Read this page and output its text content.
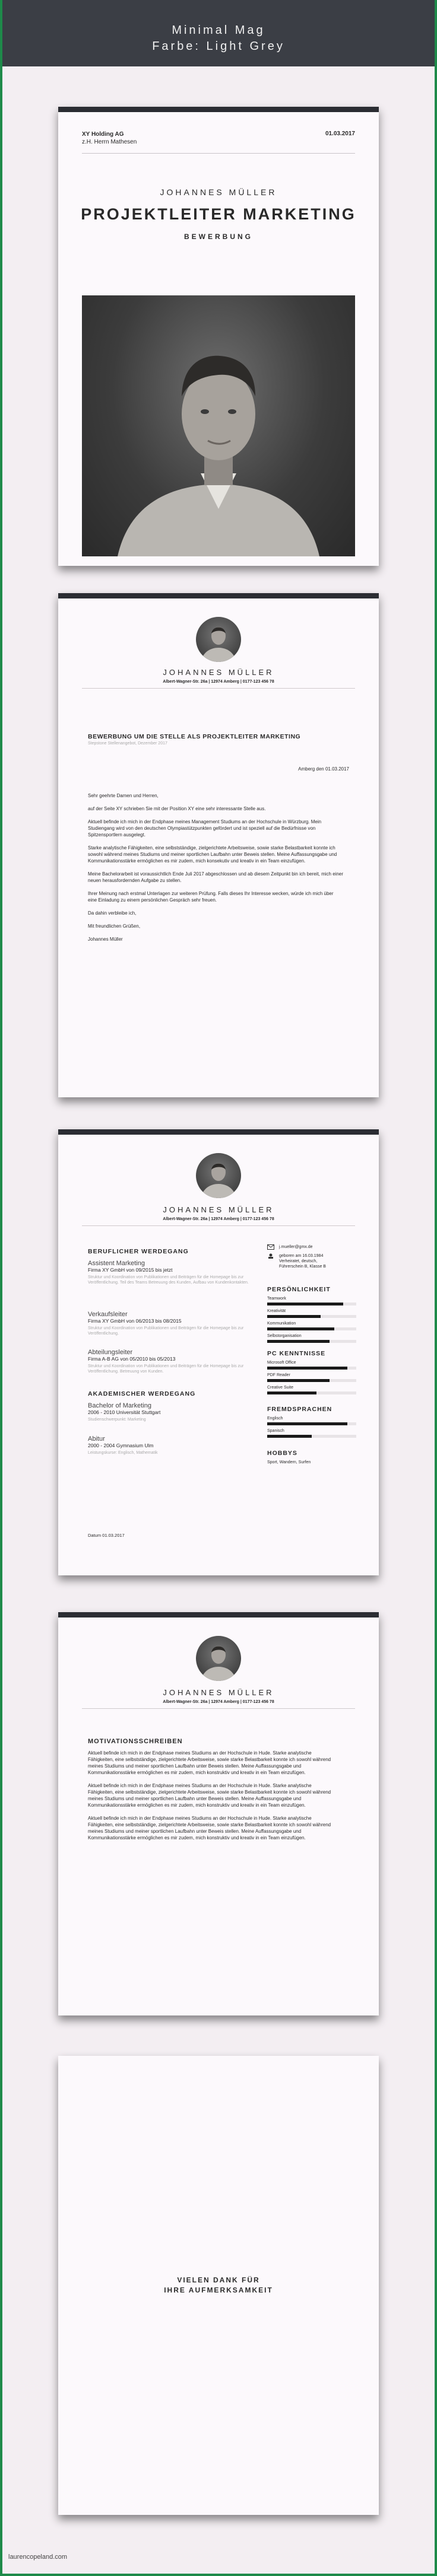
Minimal Mag
Farbe: Light Grey
XY Holding AG
z.H. Herrn Mathesen
01.03.2017
JOHANNES MÜLLER
PROJEKTLEITER MARKETING
BEWERBUNG
JOHANNES MÜLLER
Albert-Wagner-Str. 26a | 12974 Amberg | 0177-123 456 78
BEWERBUNG UM DIE STELLE ALS PROJEKTLEITER MARKETING
Stepstone Stellenangebot, Dezember 2017
Amberg den 01.03.2017

Sehr geehrte Damen und Herren,

auf der Seite XY schrieben Sie mit der Position XY eine sehr interessante Stelle aus.

Aktuell befinde ich mich in der Endphase meines Management Studiums an der Hochschule in Würzburg. Mein Studiengang wird von den deutschen Olympiastützpunkten gefördert und ist speziell auf die Bedürfnisse von Spitzensportlern ausgelegt.

Starke analytische Fähigkeiten, eine selbstständige, zielgerichtete Arbeitsweise, sowie starke Belastbarkeit konnte ich sowohl während meines Studiums und meiner sportlichen Laufbahn unter Beweis stellen. Meine Auffassungsgabe und Kommunikationsstärke ermöglichen es mir zudem, mich konsekutiv und kreativ in ein Team einzufügen.

Meine Bachelorarbeit ist voraussichtlich Ende Juli 2017 abgeschlossen und ab diesem Zeitpunkt bin ich bereit, mich einer neuen herausfordernden Aufgabe zu stellen.

Ihrer Meinung nach erstmal Unterlagen zur weiteren Prüfung. Falls dieses Ihr Interesse wecken, würde ich mich über eine Einladung zu einem persönlichen Gespräch sehr freuen.

Da dahin verbleibe ich,

Mit freundlichen Grüßen,

Johannes Müller

JOHANNES MÜLLER
Albert-Wagner-Str. 26a | 12974 Amberg | 0177-123 456 78
BERUFLICHER WERDEGANG
Assistent Marketing
Firma XY GmbH von 09/2015 bis jetzt
Struktur und Koordination von Publikationen und Beiträgen für die Homepage bis zur Veröffentlichung. Teil des Teams Betreuung des Kunden, Aufbau von Kundenkontakten.
Verkaufsleiter
Firma XY GmbH von 06/2013 bis 08/2015
Struktur und Koordination von Publikationen und Beiträgen für die Homepage bis zur Veröffentlichung.
Abteilungsleiter
Firma A-B AG von 05/2010 bis 05/2013
Struktur und Koordination von Publikationen und Beiträgen für die Homepage bis zur Veröffentlichung. Betreuung von Kunden.
AKADEMISCHER WERDEGANG
Bachelor of Marketing
2006 - 2010 Universität Stuttgart
Studienschwerpunkt: Marketing
Abitur
2000 - 2004 Gymnasium Ulm
Leistungskurse: Englisch, Mathematik
j.mueller@gmx.de
geboren am 16.03.1984
Verheiratet, deutsch,
Führerschein B, Klasse B
PERSÖNLICHKEIT
Teamwork
Kreativität
Kommunikation
Selbstorganisation
PC KENNTNISSE
Microsoft Office
PDF Reader
Creative Suite
FREMDSPRACHEN
Englisch
Spanisch
HOBBYS
Sport, Wandern, Surfen
Datum 01.03.2017
JOHANNES MÜLLER
Albert-Wagner-Str. 26a | 12974 Amberg | 0177-123 456 78
MOTIVATIONSSCHREIBEN

Aktuell befinde ich mich in der Endphase meines Studiums an der Hochschule in Hude. Starke analytische Fähigkeiten, eine selbstständige, zielgerichtete Arbeitsweise, sowie starke Belastbarkeit konnte ich sowohl während meines Studiums und meiner sportlichen Laufbahn unter Beweis stellen. Meine Auffassungsgabe und Kommunikationsstärke ermöglichen es mir zudem, mich konstruktiv und kreativ in ein Team einzufügen.

Aktuell befinde ich mich in der Endphase meines Studiums an der Hochschule in Hude. Starke analytische Fähigkeiten, eine selbstständige, zielgerichtete Arbeitsweise, sowie starke Belastbarkeit konnte ich sowohl während meines Studiums und meiner sportlichen Laufbahn unter Beweis stellen. Meine Auffassungsgabe und Kommunikationsstärke ermöglichen es mir zudem, mich konstruktiv und kreativ in ein Team einzufügen.

Aktuell befinde ich mich in der Endphase meines Studiums an der Hochschule in Hude. Starke analytische Fähigkeiten, eine selbstständige, zielgerichtete Arbeitsweise, sowie starke Belastbarkeit konnte ich sowohl während meines Studiums und meiner sportlichen Laufbahn unter Beweis stellen. Meine Auffassungsgabe und Kommunikationsstärke ermöglichen es mir zudem, mich konstruktiv und kreativ in ein Team einzufügen.

VIELEN DANK FÜR
IHRE AUFMERKSAMKEIT
laurencopeland.com
